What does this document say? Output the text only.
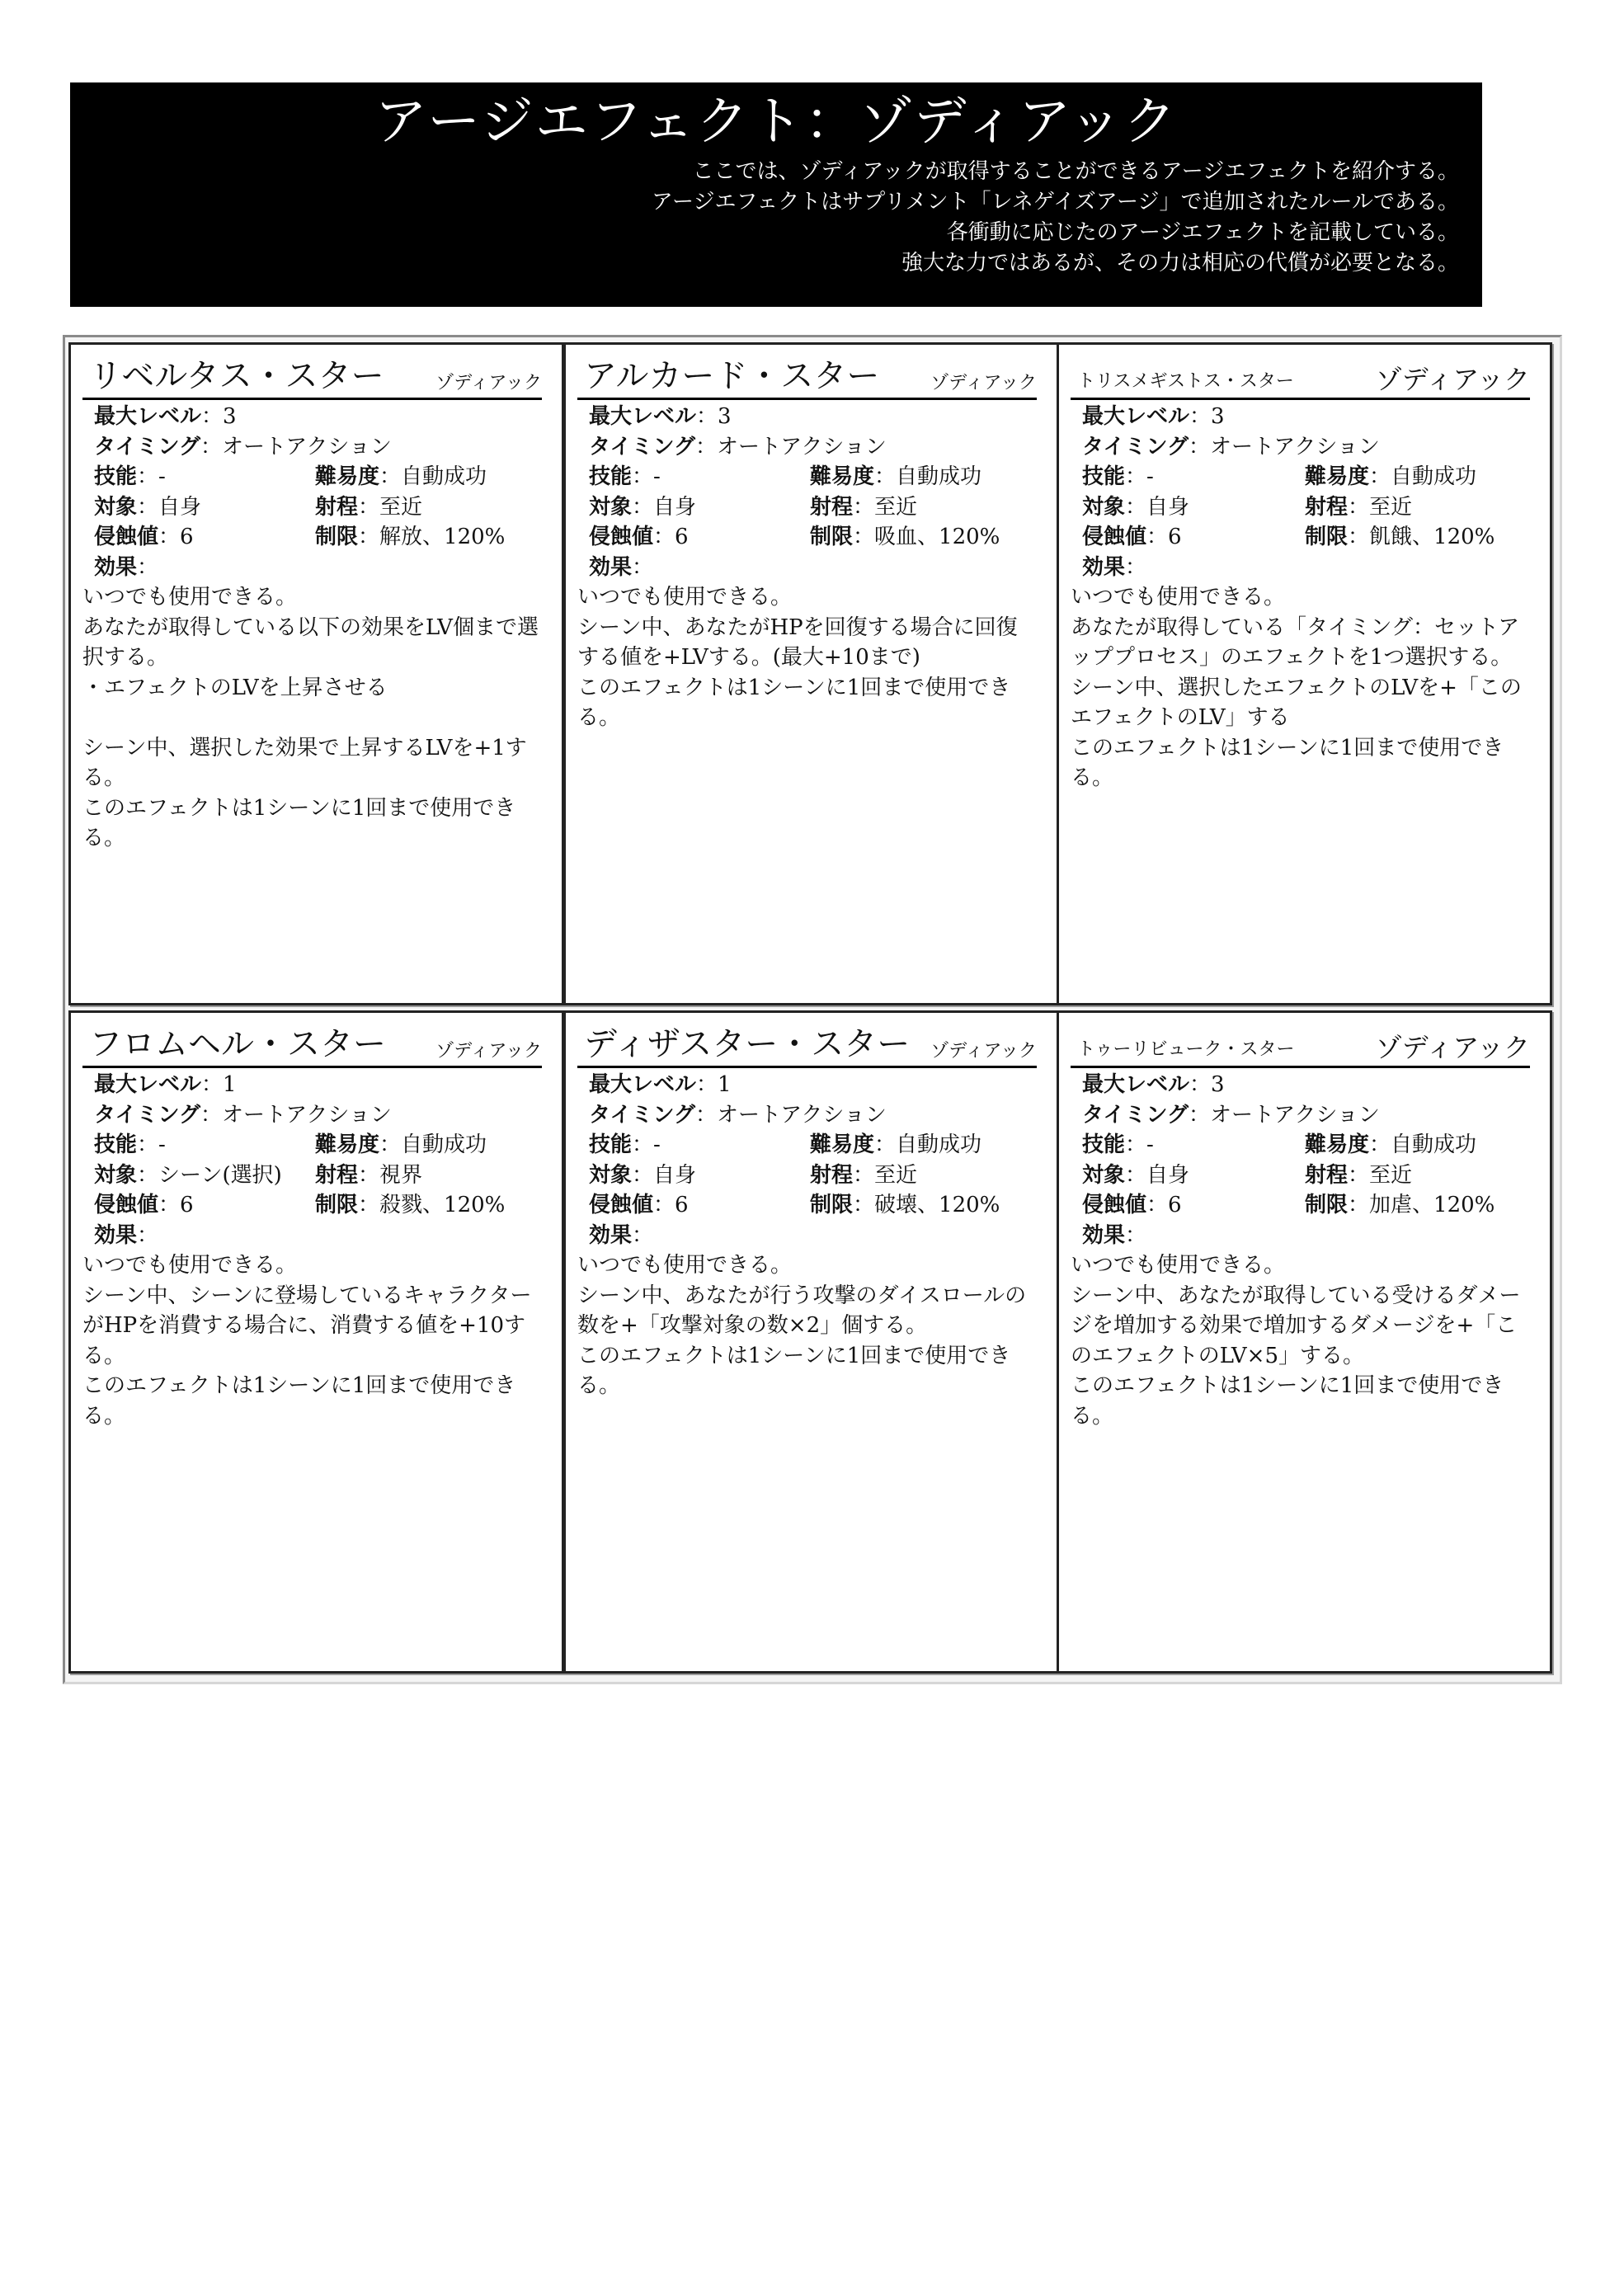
アージエフェクト：ゾディアック
ここでは、ゾディアックが取得することができるアージエフェクトを紹介する。
アージエフェクトはサプリメント「レネゲイズアージ」で追加されたルールである。
各衝動に応じたのアージエフェクトを記載している。
強大な力ではあるが、その力は相応の代償が必要となる。
リベルタス・スター	ゾディアック
最大レベル：3
タイミング：オートアクション
技能：-	難易度：自動成功
対象：自身	射程：至近
侵蝕値：6	制限：解放、120%
効果：

いつでも使用できる。

あなたが取得している以下の効果をLV個まで選択する。

・エフェクトのLVを上昇させる

シーン中、選択した効果で上昇するLVを+1する。

このエフェクトは1シーンに1回まで使用できる。

アルカード・スター	ゾディアック
最大レベル：3
タイミング：オートアクション
技能：-	難易度：自動成功
対象：自身	射程：至近
侵蝕値：6	制限：吸血、120%
効果：

いつでも使用できる。

シーン中、あなたがHPを回復する場合に回復する値を+LVする。(最大+10まで)

このエフェクトは1シーンに1回まで使用できる。

トリスメギストス・スター	ゾディアック
最大レベル：3
タイミング：オートアクション
技能：-	難易度：自動成功
対象：自身	射程：至近
侵蝕値：6	制限：飢餓、120%
効果：

いつでも使用できる。

あなたが取得している「タイミング：セットアッププロセス」のエフェクトを1つ選択する。

シーン中、選択したエフェクトのLVを+「このエフェクトのLV」する

このエフェクトは1シーンに1回まで使用できる。

フロムヘル・スター	ゾディアック
最大レベル：1
タイミング：オートアクション
技能：-	難易度：自動成功
対象：シーン(選択) 射程：視界
侵蝕値：6	制限：殺戮、120%
効果：

いつでも使用できる。

シーン中、シーンに登場しているキャラクターがHPを消費する場合に、消費する値を+10する。

このエフェクトは1シーンに1回まで使用できる。

ディザスター・スター ゾディアック
最大レベル：1
タイミング：オートアクション
技能：-	難易度：自動成功
対象：自身	射程：至近
侵蝕値：6	制限：破壊、120%
効果：

いつでも使用できる。

シーン中、あなたが行う攻撃のダイスロールの数を+「攻撃対象の数×2」個する。

このエフェクトは1シーンに1回まで使用できる。

トゥーリビューク・スター	ゾディアック
最大レベル：3
タイミング：オートアクション
技能：-	難易度：自動成功
対象：自身	射程：至近
侵蝕値：6	制限：加虐、120%
効果：

いつでも使用できる。

シーン中、あなたが取得している受けるダメージを増加する効果で増加するダメージを+「このエフェクトのLV×5」する。

このエフェクトは1シーンに1回まで使用できる。
